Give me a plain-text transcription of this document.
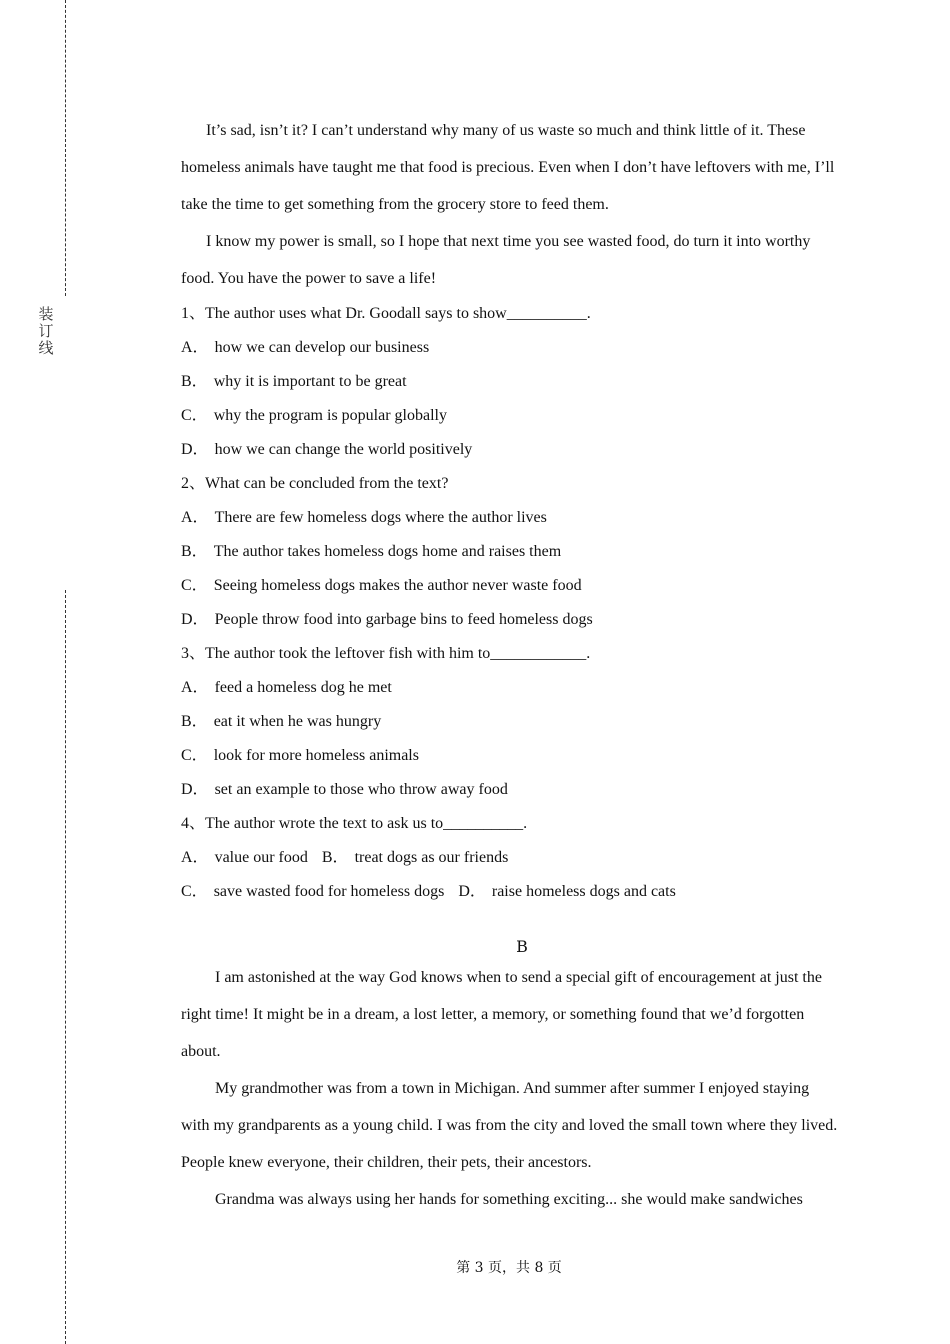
装
订
线

It’s sad, isn’t it? I can’t understand why many of us waste so much and think little of it. These homeless animals have taught me that food is precious. Even when I don’t have leftovers with me, I’ll take the time to get something from the grocery store to feed them.

I know my power is small, so I hope that next time you see wasted food, do turn it into worthy food. You have the power to save a life!

1、The author uses what Dr. Goodall says to show__________.

A． how we can develop our business

B． why it is important to be great

C． why the program is popular globally

D． how we can change the world positively

2、What can be concluded from the text?

A． There are few homeless dogs where the author lives

B． The author takes homeless dogs home and raises them

C． Seeing homeless dogs makes the author never waste food

D． People throw food into garbage bins to feed homeless dogs

3、The author took the leftover fish with him to____________.

A． feed a homeless dog he met

B． eat it when he was hungry

C． look for more homeless animals

D． set an example to those who throw away food

4、The author wrote the text to ask us to__________.

A． value our food B． treat dogs as our friends

C． save wasted food for homeless dogs D． raise homeless dogs and cats

B

I am astonished at the way God knows when to send a special gift of encouragement at just the right time! It might be in a dream, a lost letter, a memory, or something found that we’d forgotten about.

My grandmother was from a town in Michigan. And summer after summer I enjoyed staying with my grandparents as a young child. I was from the city and loved the small town where they lived. People knew everyone, their children, their pets, their ancestors.

Grandma was always using her hands for something exciting... she would make sandwiches

第 3 页，共 8 页
